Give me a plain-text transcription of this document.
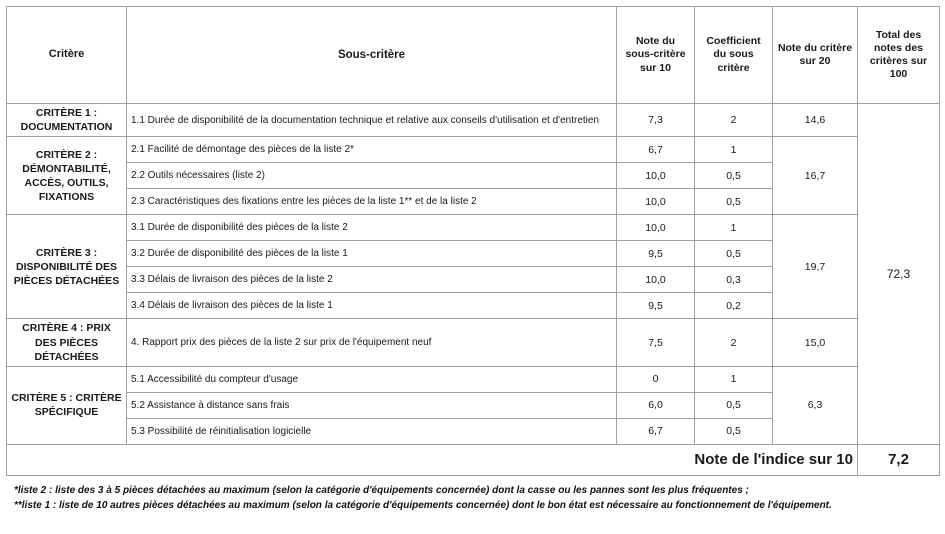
Critère	Sous-critère	Note du sous-critère sur 10	Coefficient du sous critère	Note du critère sur 20	Total des notes des critères sur 100
CRITÈRE 1 : DOCUMENTATION	1.1 Durée de disponibilité de la documentation technique et relative aux conseils d'utilisation et d'entretien	7,3	2	14,6	72,3
CRITÈRE 2 : DÉMONTABILITÉ, ACCÈS, OUTILS, FIXATIONS	2.1 Facilité de démontage des pièces de la liste 2*	6,7	1	16,7	
	2.2 Outils nécessaires (liste 2)	10,0	0,5		
	2.3 Caractéristiques des fixations entre les pièces de la liste 1** et de la liste 2	10,0	0,5		
CRITÈRE 3 : DISPONIBILITÉ DES PIÈCES DÉTACHÉES	3.1 Durée de disponibilité des pièces de la liste 2	10,0	1	19,7	
	3.2 Durée de disponibilité des pièces de la liste 1	9,5	0,5		
	3.3 Délais de livraison des pièces de la liste 2	10,0	0,3		
	3.4 Délais de livraison des pièces de la liste 1	9,5	0,2		
CRITÈRE 4 : PRIX DES PIÈCES DÉTACHÉES	4. Rapport prix des pièces de la liste 2 sur prix de l'équipement neuf	7,5	2	15,0	
CRITÈRE 5 : CRITÈRE SPÉCIFIQUE	5.1 Accessibilité du compteur d'usage	0	1	6,3	
	5.2 Assistance à distance sans frais	6,0	0,5		
	5.3 Possibilité de réinitialisation logicielle	6,7	0,5		
Note de l'indice sur 10					7,2
*liste 2 : liste des 3 à 5 pièces détachées au maximum (selon la catégorie d'équipements concernée) dont la casse ou les pannes sont les plus fréquentes ;
**liste 1 : liste de 10 autres pièces détachées au maximum (selon la catégorie d'équipements concernée) dont le bon état est nécessaire au fonctionnement de l'équipement.
